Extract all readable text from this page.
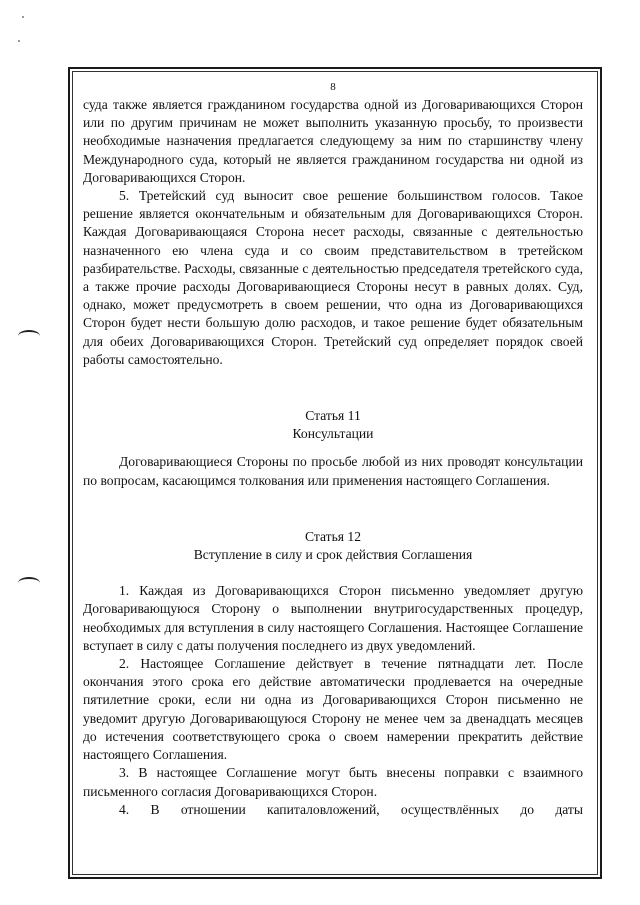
8

суда также является гражданином государства одной из Договаривающихся Сторон или по другим причинам не может выполнить указанную просьбу, то произвести необходимые назначения предлагается следующему за ним по старшинству члену Международного суда, который не является гражданином государства ни одной из Договаривающихся Сторон.

5. Третейский суд выносит свое решение большинством голосов. Такое решение является окончательным и обязательным для Договаривающихся Сторон. Каждая Договаривающаяся Сторона несет расходы, связанные с деятельностью назначенного ею члена суда и со своим представительством в третейском разбирательстве. Расходы, связанные с деятельностью председателя третейского суда, а также прочие расходы Договаривающиеся Стороны несут в равных долях. Суд, однако, может предусмотреть в своем решении, что одна из Договаривающихся Сторон будет нести большую долю расходов, и такое решение будет обязательным для обеих Договаривающихся Сторон. Третейский суд определяет порядок своей работы самостоятельно.

Статья 11
Консультации

Договаривающиеся Стороны по просьбе любой из них проводят консультации по вопросам, касающимся толкования или применения настоящего Соглашения.

Статья 12
Вступление в силу и срок действия Соглашения

1. Каждая из Договаривающихся Сторон письменно уведомляет другую Договаривающуюся Сторону о выполнении внутригосударственных процедур, необходимых для вступления в силу настоящего Соглашения. Настоящее Соглашение вступает в силу с даты получения последнего из двух уведомлений.

2. Настоящее Соглашение действует в течение пятнадцати лет. После окончания этого срока его действие автоматически продлевается на очередные пятилетние сроки, если ни одна из Договаривающихся Сторон письменно не уведомит другую Договаривающуюся Сторону не менее чем за двенадцать месяцев до истечения соответствующего срока о своем намерении прекратить действие настоящего Соглашения.

3. В настоящее Соглашение могут быть внесены поправки с взаимного письменного согласия Договаривающихся Сторон.

4. В отношении капиталовложений, осуществлённых до даты
